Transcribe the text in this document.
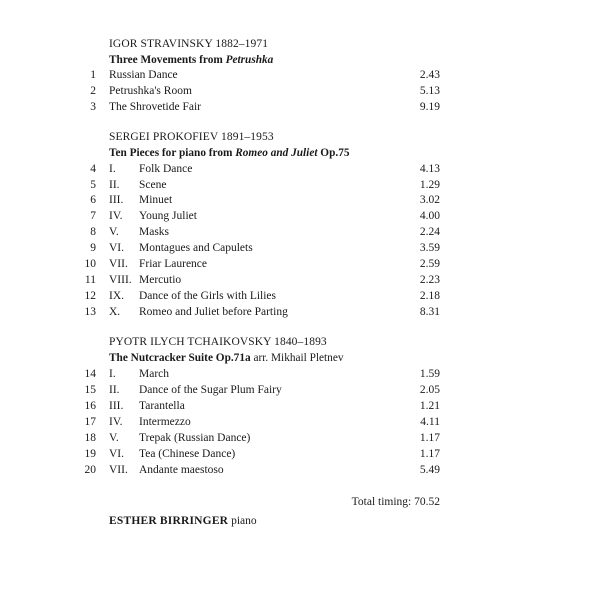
IGOR STRAVINSKY 1882–1971
Three Movements from Petrushka
1 Russian Dance	2.43
2 Petrushka's Room	5.13
3 The Shrovetide Fair	9.19
SERGEI PROKOFIEV 1891–1953
Ten Pieces for piano from Romeo and Juliet Op.75
4 I. Folk Dance	4.13
5 II. Scene	1.29
6 III. Minuet	3.02
7 IV. Young Juliet	4.00
8 V. Masks	2.24
9 VI. Montagues and Capulets	3.59
10 VII. Friar Laurence	2.59
11 VIII. Mercutio	2.23
12 IX. Dance of the Girls with Lilies	2.18
13 X. Romeo and Juliet before Parting	8.31
PYOTR ILYCH TCHAIKOVSKY 1840–1893
The Nutcracker Suite Op.71a arr. Mikhail Pletnev
14 I. March	1.59
15 II. Dance of the Sugar Plum Fairy	2.05
16 III. Tarantella	1.21
17 IV. Intermezzo	4.11
18 V. Trepak (Russian Dance)	1.17
19 VI. Tea (Chinese Dance)	1.17
20 VII. Andante maestoso	5.49
Total timing: 70.52
ESTHER BIRRINGER piano
